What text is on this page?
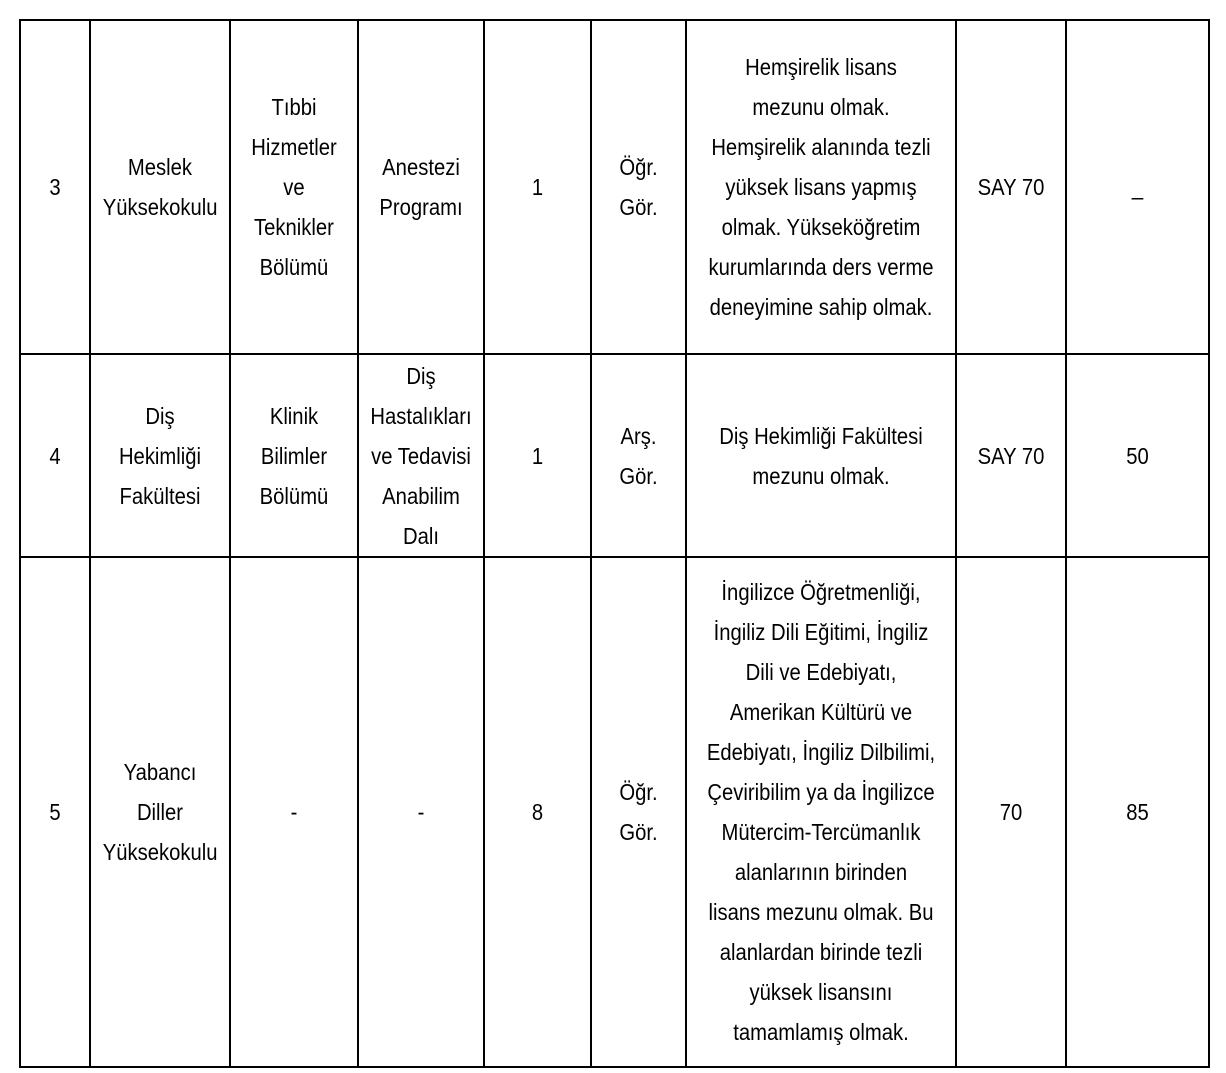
3	Meslek Yüksekokulu	Tıbbi Hizmetler ve Teknikler Bölümü	Anestezi Programı	1	Öğr. Gör.	Hemşirelik lisans mezunu olmak. Hemşirelik alanında tezli yüksek lisans yapmış olmak. Yükseköğretim kurumlarında ders verme deneyimine sahip olmak.	SAY 70	_
4	Diş Hekimliği Fakültesi	Klinik Bilimler Bölümü	Diş Hastalıkları ve Tedavisi Anabilim Dalı	1	Arş. Gör.	Diş Hekimliği Fakültesi mezunu olmak.	SAY 70	50
5	Yabancı Diller Yüksekokulu	-	-	8	Öğr. Gör.	İngilizce Öğretmenliği, İngiliz Dili Eğitimi, İngiliz Dili ve Edebiyatı, Amerikan Kültürü ve Edebiyatı, İngiliz Dilbilimi, Çeviribilim ya da İngilizce Mütercim-Tercümanlık alanlarının birinden lisans mezunu olmak. Bu alanlardan birinde tezli yüksek lisansını tamamlamış olmak.	70	85
